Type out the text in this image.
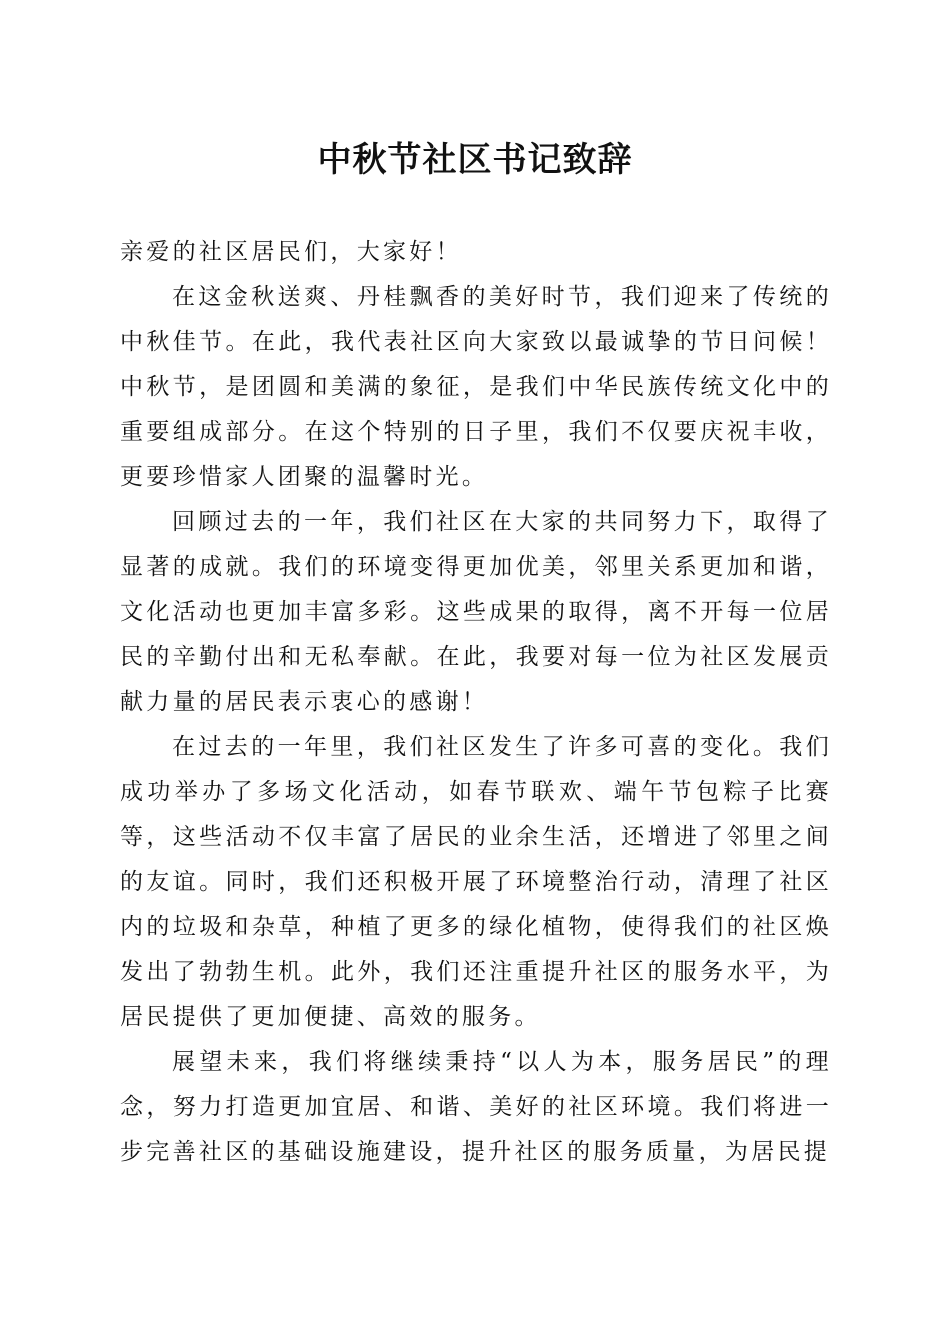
中秋节社区书记致辞

亲爱的社区居民们，大家好！

在这金秋送爽、丹桂飘香的美好时节，我们迎来了传统的中秋佳节。在此，我代表社区向大家致以最诚挚的节日问候！中秋节，是团圆和美满的象征，是我们中华民族传统文化中的重要组成部分。在这个特别的日子里，我们不仅要庆祝丰收，更要珍惜家人团聚的温馨时光。

回顾过去的一年，我们社区在大家的共同努力下，取得了显著的成就。我们的环境变得更加优美，邻里关系更加和谐，文化活动也更加丰富多彩。这些成果的取得，离不开每一位居民的辛勤付出和无私奉献。在此，我要对每一位为社区发展贡献力量的居民表示衷心的感谢！

在过去的一年里，我们社区发生了许多可喜的变化。我们成功举办了多场文化活动，如春节联欢、端午节包粽子比赛等，这些活动不仅丰富了居民的业余生活，还增进了邻里之间的友谊。同时，我们还积极开展了环境整治行动，清理了社区内的垃圾和杂草，种植了更多的绿化植物，使得我们的社区焕发出了勃勃生机。此外，我们还注重提升社区的服务水平，为居民提供了更加便捷、高效的服务。

展望未来，我们将继续秉持“以人为本，服务居民”的理念，努力打造更加宜居、和谐、美好的社区环境。我们将进一步完善社区的基础设施建设，提升社区的服务质量，为居民提
